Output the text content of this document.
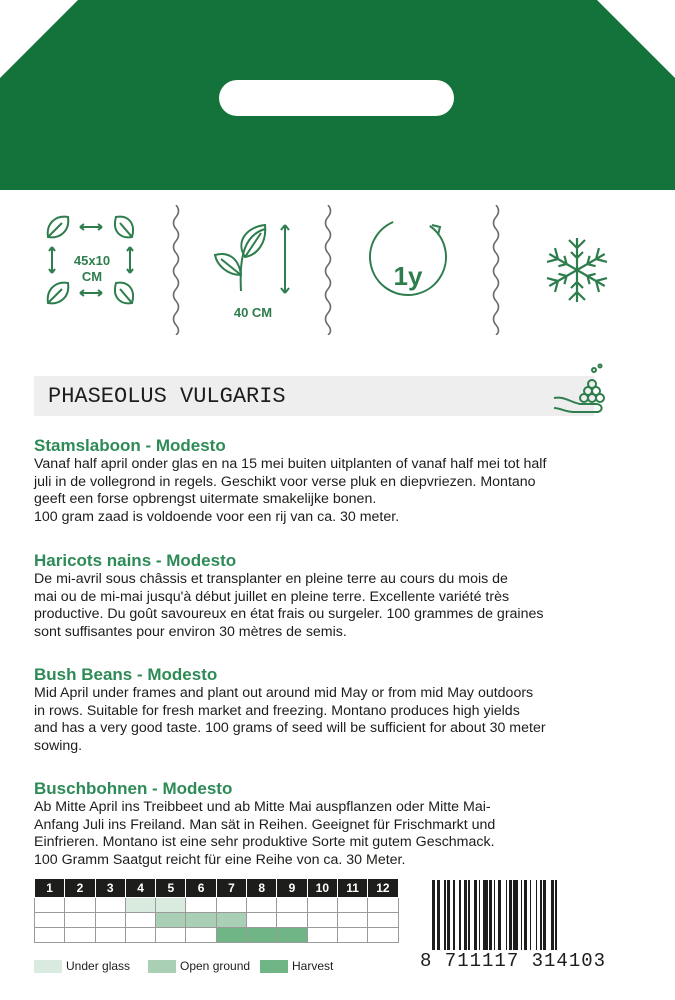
45x10
CM
40 CM
1y
PHASEOLUS VULGARIS
Stamslaboon - Modesto

Vanaf half april onder glas en na 15 mei buiten uitplanten of vanaf half mei tot half
juli in de vollegrond in regels. Geschikt voor verse pluk en diepvriezen. Montano
geeft een forse opbrengst uitermate smakelijke bonen.
100 gram zaad is voldoende voor een rij van ca. 30 meter.

Haricots nains - Modesto

De mi-avril sous châssis et transplanter en pleine terre au cours du mois de
mai ou de mi-mai jusqu'à début juillet en pleine terre. Excellente variété très
productive. Du goût savoureux en état frais ou surgeler. 100 grammes de graines
sont suffisantes pour environ 30 mètres de semis.

Bush Beans - Modesto

Mid April under frames and plant out around mid May or from mid May outdoors
in rows. Suitable for fresh market and freezing. Montano produces high yields
and has a very good taste. 100 grams of seed will be sufficient for about 30 meter
sowing.

Buschbohnen - Modesto

Ab Mitte April ins Treibbeet und ab Mitte Mai auspflanzen oder Mitte Mai-
Anfang Juli ins Freiland. Man sät in Reihen. Geeignet für Frischmarkt und
Einfrieren. Montano ist eine sehr produktive Sorte mit gutem Geschmack.
100 Gramm Saatgut reicht für eine Reihe von ca. 30 Meter.

1	2	3	4	5	6	7	8	9	10	11	12

Under glass	Open ground	Harvest	8 711117 314103
